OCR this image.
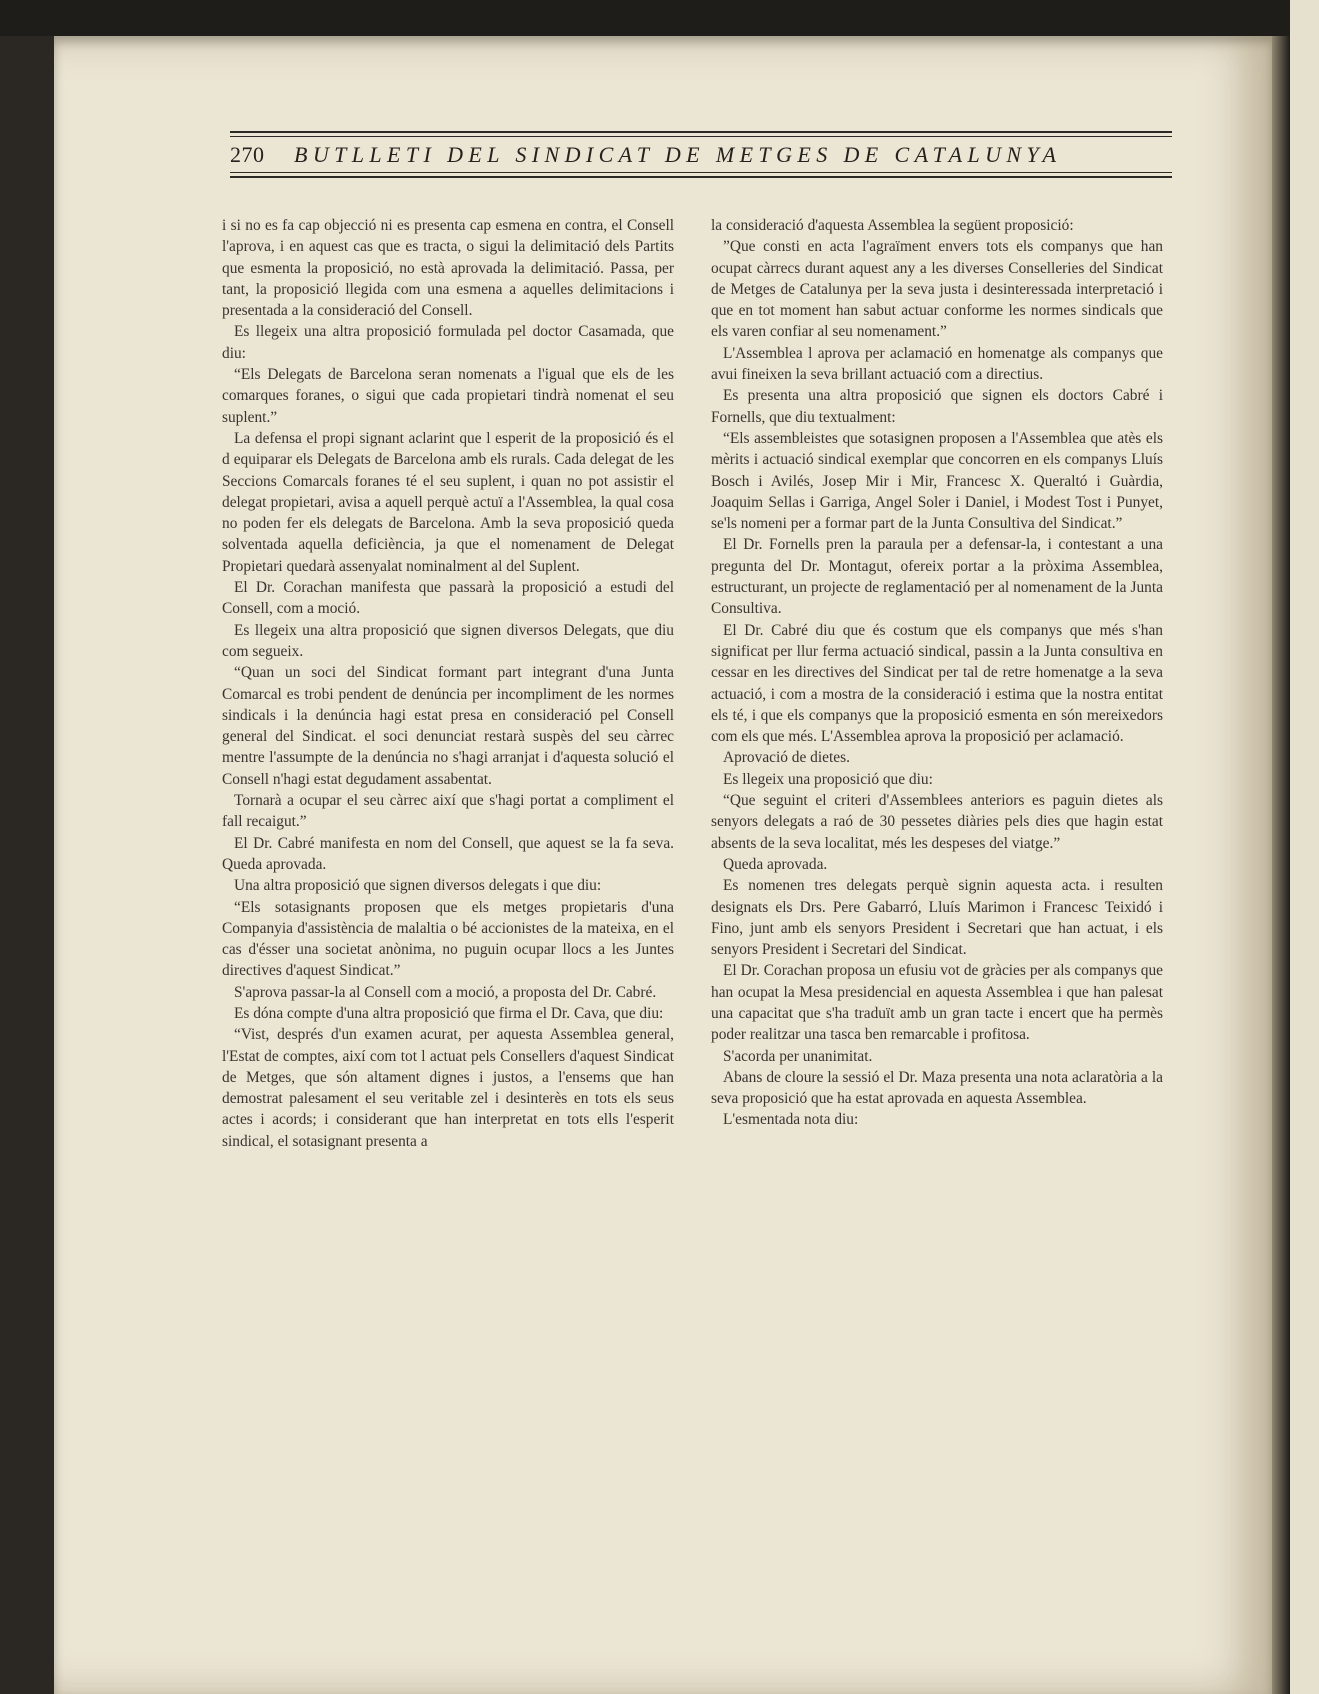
270	BUTLLETI DEL SINDICAT DE METGES DE CATALUNYA

i si no es fa cap objecció ni es presenta cap esmena en contra, el Consell l'aprova, i en aquest cas que es tracta, o sigui la delimitació dels Partits que esmenta la proposició, no està aprovada la delimitació. Passa, per tant, la proposició llegida com una esmena a aquelles delimitacions i presentada a la consideració del Consell.

Es llegeix una altra proposició formulada pel doctor Casamada, que diu:

“Els Delegats de Barcelona seran nomenats a l'igual que els de les comarques foranes, o sigui que cada propietari tindrà nomenat el seu suplent.”

La defensa el propi signant aclarint que l esperit de la proposició és el d equiparar els Delegats de Barcelona amb els rurals. Cada delegat de les Seccions Comarcals foranes té el seu suplent, i quan no pot assistir el delegat propietari, avisa a aquell perquè actuï a l'Assemblea, la qual cosa no poden fer els delegats de Barcelona. Amb la seva proposició queda solventada aquella deficiència, ja que el nomenament de Delegat Propietari quedarà assenyalat nominalment al del Suplent.

El Dr. Corachan manifesta que passarà la proposició a estudi del Consell, com a moció.

Es llegeix una altra proposició que signen diversos Delegats, que diu com segueix.

“Quan un soci del Sindicat formant part integrant d'una Junta Comarcal es trobi pendent de denúncia per incompliment de les normes sindicals i la denúncia hagi estat presa en consideració pel Consell general del Sindicat. el soci denunciat restarà suspès del seu càrrec mentre l'assumpte de la denúncia no s'hagi arranjat i d'aquesta solució el Consell n'hagi estat degudament assabentat.

Tornarà a ocupar el seu càrrec així que s'hagi portat a compliment el fall recaigut.”

El Dr. Cabré manifesta en nom del Consell, que aquest se la fa seva. Queda aprovada.

Una altra proposició que signen diversos delegats i que diu:

“Els sotasignants proposen que els metges propietaris d'una Companyia d'assistència de malaltia o bé accionistes de la mateixa, en el cas d'ésser una societat anònima, no puguin ocupar llocs a les Juntes directives d'aquest Sindicat.”

S'aprova passar-la al Consell com a moció, a proposta del Dr. Cabré.

Es dóna compte d'una altra proposició que firma el Dr. Cava, que diu:

“Vist, després d'un examen acurat, per aquesta Assemblea general, l'Estat de comptes, així com tot l actuat pels Consellers d'aquest Sindicat de Metges, que són altament dignes i justos, a l'ensems que han demostrat palesament el seu veritable zel i desinterès en tots els seus actes i acords; i considerant que han interpretat en tots ells l'esperit sindical, el sotasignant presenta a

la consideració d'aquesta Assemblea la següent proposició:

”Que consti en acta l'agraïment envers tots els companys que han ocupat càrrecs durant aquest any a les diverses Conselleries del Sindicat de Metges de Catalunya per la seva justa i desinteressada interpretació i que en tot moment han sabut actuar conforme les normes sindicals que els varen confiar al seu nomenament.”

L'Assemblea l aprova per aclamació en homenatge als companys que avui fineixen la seva brillant actuació com a directius.

Es presenta una altra proposició que signen els doctors Cabré i Fornells, que diu textualment:

“Els assembleistes que sotasignen proposen a l'Assemblea que atès els mèrits i actuació sindical exemplar que concorren en els companys Lluís Bosch i Avilés, Josep Mir i Mir, Francesc X. Queraltó i Guàrdia, Joaquim Sellas i Garriga, Angel Soler i Daniel, i Modest Tost i Punyet, se'ls nomeni per a formar part de la Junta Consultiva del Sindicat.”

El Dr. Fornells pren la paraula per a defensar-la, i contestant a una pregunta del Dr. Montagut, ofereix portar a la pròxima Assemblea, estructurant, un projecte de reglamentació per al nomenament de la Junta Consultiva.

El Dr. Cabré diu que és costum que els companys que més s'han significat per llur ferma actuació sindical, passin a la Junta consultiva en cessar en les directives del Sindicat per tal de retre homenatge a la seva actuació, i com a mostra de la consideració i estima que la nostra entitat els té, i que els companys que la proposició esmenta en són mereixedors com els que més. L'Assemblea aprova la proposició per aclamació.

Aprovació de dietes.

Es llegeix una proposició que diu:

“Que seguint el criteri d'Assemblees anteriors es paguin dietes als senyors delegats a raó de 30 pessetes diàries pels dies que hagin estat absents de la seva localitat, més les despeses del viatge.”

Queda aprovada.

Es nomenen tres delegats perquè signin aquesta acta. i resulten designats els Drs. Pere Gabarró, Lluís Marimon i Francesc Teixidó i Fino, junt amb els senyors President i Secretari que han actuat, i els senyors President i Secretari del Sindicat.

El Dr. Corachan proposa un efusiu vot de gràcies per als companys que han ocupat la Mesa presidencial en aquesta Assemblea i que han palesat una capacitat que s'ha traduït amb un gran tacte i encert que ha permès poder realitzar una tasca ben remarcable i profitosa.

S'acorda per unanimitat.

Abans de cloure la sessió el Dr. Maza presenta una nota aclaratòria a la seva proposició que ha estat aprovada en aquesta Assemblea.

L'esmentada nota diu:
